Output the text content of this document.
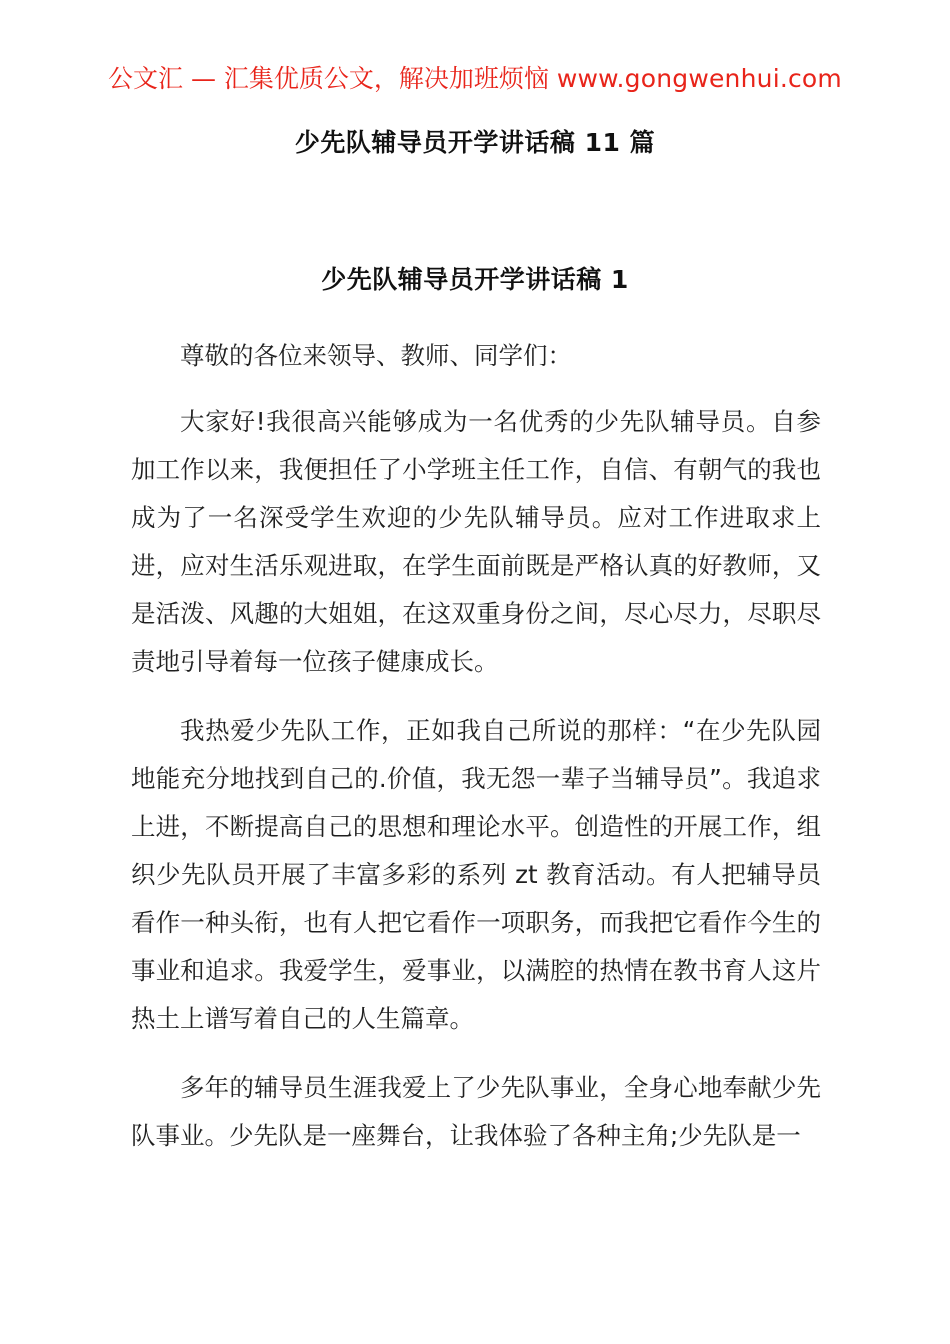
公文汇 — 汇集优质公文，解决加班烦恼 www.gongwenhui.com
少先队辅导员开学讲话稿 11 篇
少先队辅导员开学讲话稿 1

尊敬的各位来领导、教师、同学们：

大家好!我很高兴能够成为一名优秀的少先队辅导员。自参加工作以来，我便担任了小学班主任工作，自信、有朝气的我也成为了一名深受学生欢迎的少先队辅导员。应对工作进取求上进，应对生活乐观进取，在学生面前既是严格认真的好教师，又是活泼、风趣的大姐姐，在这双重身份之间，尽心尽力，尽职尽责地引导着每一位孩子健康成长。

我热爱少先队工作，正如我自己所说的那样：“在少先队园地能充分地找到自己的.价值，我无怨一辈子当辅导员”。我追求上进，不断提高自己的思想和理论水平。创造性的开展工作，组织少先队员开展了丰富多彩的系列 zt 教育活动。有人把辅导员看作一种头衔，也有人把它看作一项职务，而我把它看作今生的事业和追求。我爱学生，爱事业，以满腔的热情在教书育人这片热土上谱写着自己的人生篇章。

多年的辅导员生涯我爱上了少先队事业，全身心地奉献少先队事业。少先队是一座舞台，让我体验了各种主角;少先队是一
